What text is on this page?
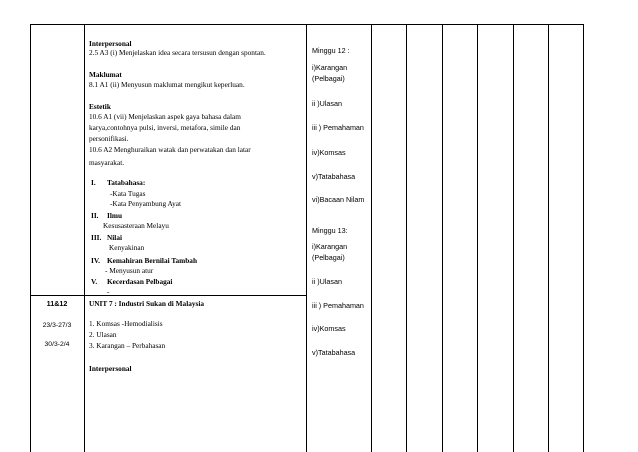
11&12
23/3-27/3
30/3-2/4
Interpersonal
2.5 A3 (i) Menjelaskan idea secara tersusun dengan spontan.
Maklumat
8.1 A1 (ii) Menyusun maklumat mengikut keperluan.
Estetik
10.6 A1 (vii) Menjelaskan aspek gaya bahasa dalam
karya,contohnya pulsi, inversi, metafora, simile dan
personifikasi.
10.6 A2 Menghuraikan watak dan perwatakan dan latar
masyarakat.
I. Tatabahasa:
-Kata Tugas
-Kata Penyambung Ayat
II. Ilmu
Kesusasteraan Melayu
III. Nilai
Kenyakinan
IV. Kemahiran Bernilai Tambah
- Menyusun atur
V. Kecerdasan Pelbagai
-
UNIT 7 : Industri Sukan di Malaysia
1. Komsas -Hemodialisis
2. Ulasan
3. Karangan – Perbahasan
Interpersonal
Minggu 12 :
i)Karangan
(Pelbagai)
ii )Ulasan
iii ) Pemahaman
iv)Komsas
v)Tatabahasa
vi)Bacaan Nilam
Minggu 13:
i)Karangan
(Pelbagai)
ii )Ulasan
iii ) Pemahaman
iv)Komsas
v)Tatabahasa
